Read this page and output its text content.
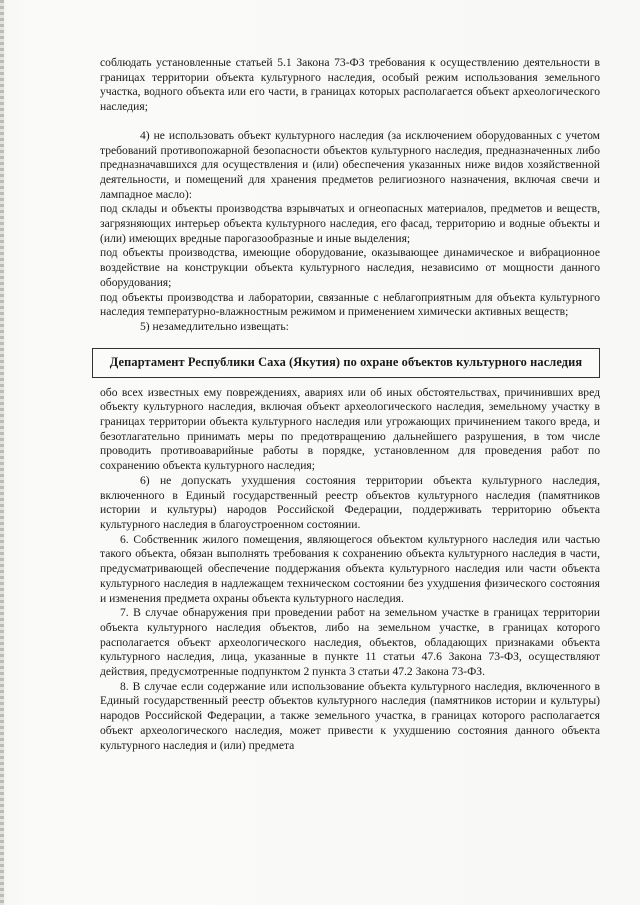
соблюдать установленные статьей 5.1 Закона 73-ФЗ требования к осуществлению деятельности в границах территории объекта культурного наследия, особый режим использования земельного участка, водного объекта или его части, в границах которых располагается объект археологического наследия;

4) не использовать объект культурного наследия (за исключением оборудованных с учетом требований противопожарной безопасности объектов культурного наследия, предназначенных либо предназначавшихся для осуществления и (или) обеспечения указанных ниже видов хозяйственной деятельности, и помещений для хранения предметов религиозного назначения, включая свечи и лампадное масло):

под склады и объекты производства взрывчатых и огнеопасных материалов, предметов и веществ, загрязняющих интерьер объекта культурного наследия, его фасад, территорию и водные объекты и (или) имеющих вредные парогазообразные и иные выделения;

под объекты производства, имеющие оборудование, оказывающее динамическое и вибрационное воздействие на конструкции объекта культурного наследия, независимо от мощности данного оборудования;

под объекты производства и лаборатории, связанные с неблагоприятным для объекта культурного наследия температурно-влажностным режимом и применением химически активных веществ;

5) незамедлительно извещать:

Департамент Республики Саха (Якутия) по охране объектов культурного наследия

обо всех известных ему повреждениях, авариях или об иных обстоятельствах, причинивших вред объекту культурного наследия, включая объект археологического наследия, земельному участку в границах территории объекта культурного наследия или угрожающих причинением такого вреда, и безотлагательно принимать меры по предотвращению дальнейшего разрушения, в том числе проводить противоаварийные работы в порядке, установленном для проведения работ по сохранению объекта культурного наследия;

6) не допускать ухудшения состояния территории объекта культурного наследия, включенного в Единый государственный реестр объектов культурного наследия (памятников истории и культуры) народов Российской Федерации, поддерживать территорию объекта культурного наследия в благоустроенном состоянии.

6. Собственник жилого помещения, являющегося объектом культурного наследия или частью такого объекта, обязан выполнять требования к сохранению объекта культурного наследия в части, предусматривающей обеспечение поддержания объекта культурного наследия или части объекта культурного наследия в надлежащем техническом состоянии без ухудшения физического состояния и изменения предмета охраны объекта культурного наследия.

7. В случае обнаружения при проведении работ на земельном участке в границах территории объекта культурного наследия объектов, либо на земельном участке, в границах которого располагается объект археологического наследия, объектов, обладающих признаками объекта культурного наследия, лица, указанные в пункте 11 статьи 47.6 Закона 73-ФЗ, осуществляют действия, предусмотренные подпунктом 2 пункта 3 статьи 47.2 Закона 73-ФЗ.

8. В случае если содержание или использование объекта культурного наследия, включенного в Единый государственный реестр объектов культурного наследия (памятников истории и культуры) народов Российской Федерации, а также земельного участка, в границах которого располагается объект археологического наследия, может привести к ухудшению состояния данного объекта культурного наследия и (или) предмета
